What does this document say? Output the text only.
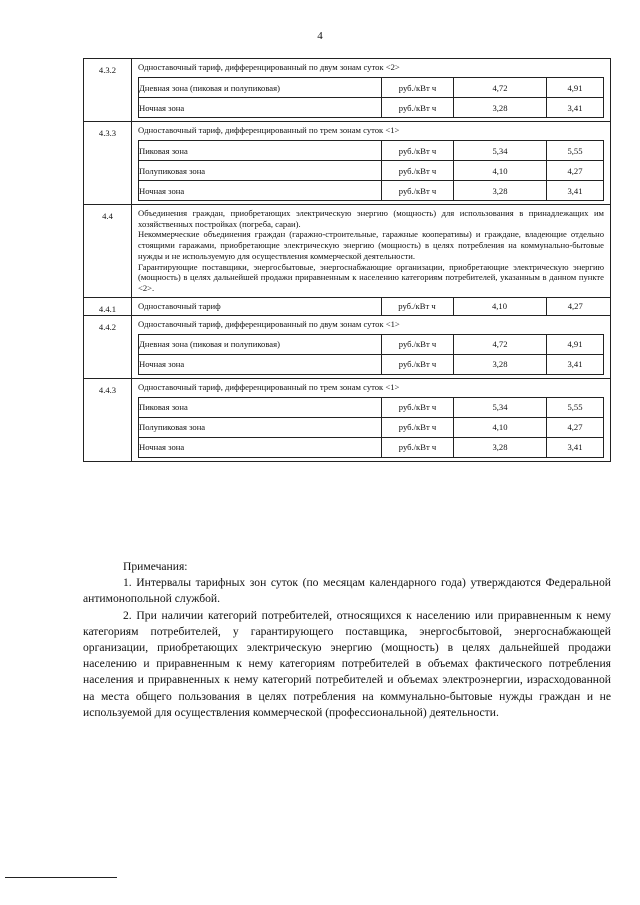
4
4.3.2	Одноставочный тариф, дифференцированный по двум зонам суток <2>
Дневная зона (пиковая и полупиковая)	руб./кВт ч	4,72	4,91
Ночная зона	руб./кВт ч	3,28	3,41

4.3.3	Одноставочный тариф, дифференцированный по трем зонам суток <1>
Пиковая зона	руб./кВт ч	5,34	5,55
Полупиковая зона	руб./кВт ч	4,10	4,27
Ночная зона	руб./кВт ч	3,28	3,41

4.4	Объединения граждан, приобретающих электрическую энергию (мощность) для использования в принадлежащих им хозяйственных постройках (погреба, сараи).

Некоммерческие объединения граждан (гаражно-строительные, гаражные кооперативы) и граждане, владеющие отдельно стоящими гаражами, приобретающие электрическую энергию (мощность) в целях потребления на коммунально-бытовые нужды и не используемую для осуществления коммерческой деятельности.

Гарантирующие поставщики, энергосбытовые, энергоснабжающие организации, приобретающие электрическую энергию (мощность) в целях дальнейшей продажи приравненным к населению категориям потребителей, указанным в данном пункте <2>.

4.4.1		Одноставочный тариф	руб./кВт ч	4,10	4,27

4.4.2	Одноставочный тариф, дифференцированный по двум зонам суток <1>
Дневная зона (пиковая и полупиковая)	руб./кВт ч	4,72	4,91
Ночная зона	руб./кВт ч	3,28	3,41

4.4.3	Одноставочный тариф, дифференцированный по трем зонам суток <1>
Пиковая зона	руб./кВт ч	5,34	5,55
Полупиковая зона	руб./кВт ч	4,10	4,27
Ночная зона	руб./кВт ч	3,28	3,41

Примечания:

1. Интервалы тарифных зон суток (по месяцам календарного года) утверждаются Федеральной антимонопольной службой.

2. При наличии категорий потребителей, относящихся к населению или приравненным к нему категориям потребителей, у гарантирующего поставщика, энергосбытовой, энергоснабжающей организации, приобретающих электрическую энергию (мощность) в целях дальнейшей продажи населению и приравненным к нему категориям потребителей в объемах фактического потребления населения и приравненных к нему категорий потребителей и объемах электроэнергии, израсходованной на места общего пользования в целях потребления на коммунально-бытовые нужды граждан и не используемой для осуществления коммерческой (профессиональной) деятельности.
